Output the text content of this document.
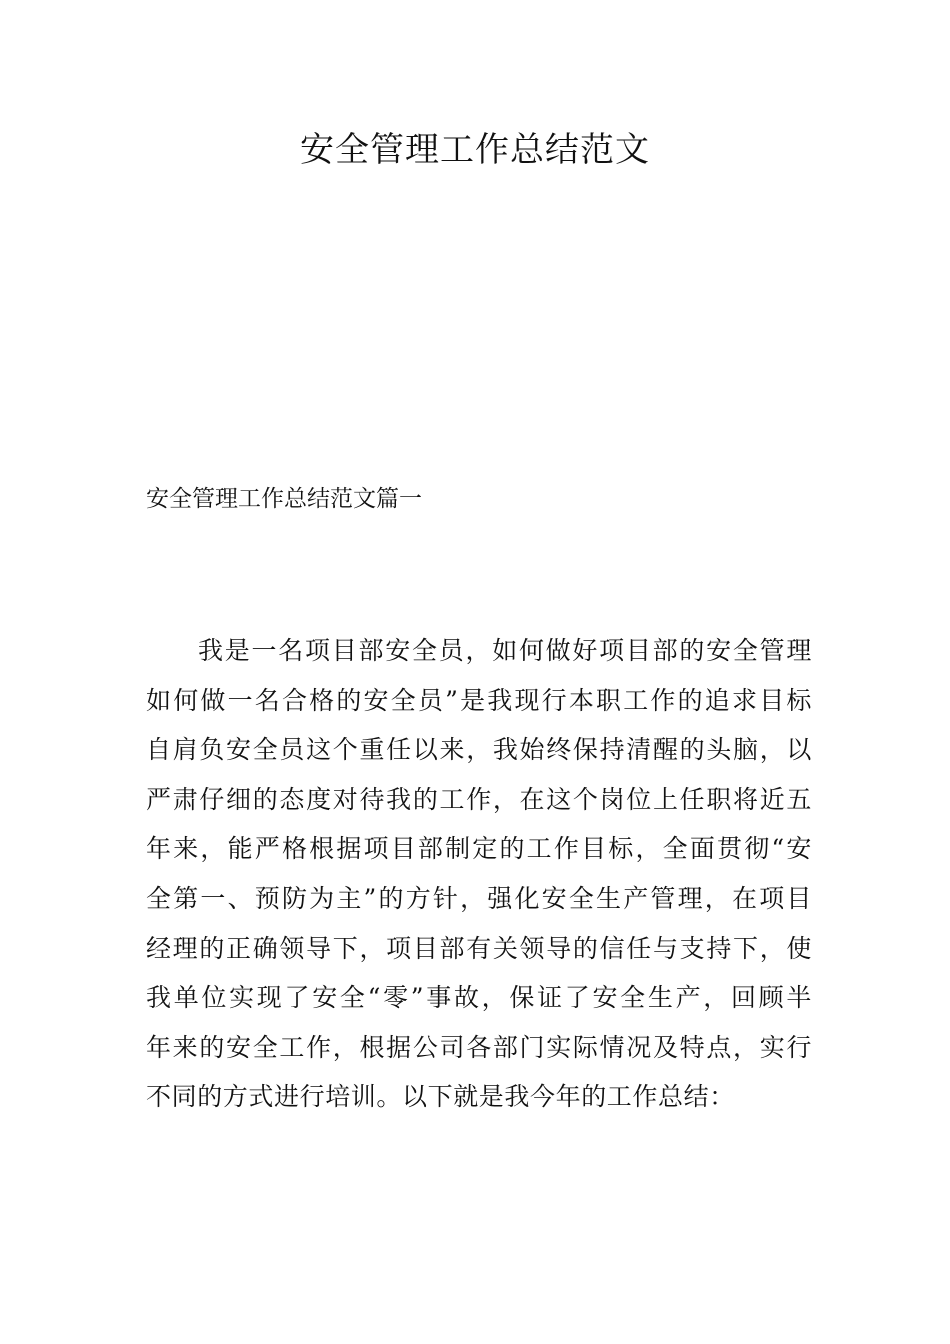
安全管理工作总结范文
安全管理工作总结范文篇一
我是一名项目部安全员，如何做好项目部的安全管理
如何做一名合格的安全员”是我现行本职工作的追求目标
自肩负安全员这个重任以来，我始终保持清醒的头脑，以
严肃仔细的态度对待我的工作，在这个岗位上任职将近五
年来，能严格根据项目部制定的工作目标，全面贯彻“安
全第一、预防为主”的方针，强化安全生产管理，在项目
经理的正确领导下，项目部有关领导的信任与支持下，使
我单位实现了安全“零”事故，保证了安全生产，回顾半
年来的安全工作，根据公司各部门实际情况及特点，实行
不同的方式进行培训。以下就是我今年的工作总结：
